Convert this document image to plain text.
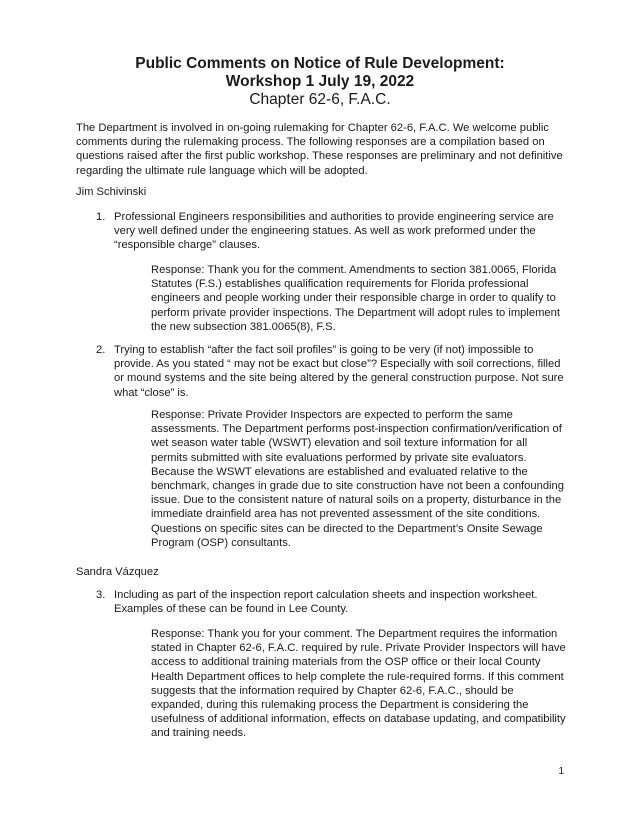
Public Comments on Notice of Rule Development:
Workshop 1 July 19, 2022
Chapter 62-6, F.A.C.

The Department is involved in on-going rulemaking for Chapter 62-6, F.A.C. We welcome public comments during the rulemaking process. The following responses are a compilation based on questions raised after the first public workshop. These responses are preliminary and not definitive regarding the ultimate rule language which will be adopted.

Jim Schivinski

1. Professional Engineers responsibilities and authorities to provide engineering service are very well defined under the engineering statues. As well as work preformed under the “responsible charge” clauses.

Response: Thank you for the comment. Amendments to section 381.0065, Florida Statutes (F.S.) establishes qualification requirements for Florida professional engineers and people working under their responsible charge in order to qualify to perform private provider inspections. The Department will adopt rules to implement the new subsection 381.0065(8), F.S.

2. Trying to establish “after the fact soil profiles” is going to be very (if not) impossible to provide. As you stated “ may not be exact but close”? Especially with soil corrections, filled or mound systems and the site being altered by the general construction purpose. Not sure what “close” is.

Response: Private Provider Inspectors are expected to perform the same assessments. The Department performs post-inspection confirmation/verification of wet season water table (WSWT) elevation and soil texture information for all permits submitted with site evaluations performed by private site evaluators. Because the WSWT elevations are established and evaluated relative to the benchmark, changes in grade due to site construction have not been a confounding issue. Due to the consistent nature of natural soils on a property, disturbance in the immediate drainfield area has not prevented assessment of the site conditions. Questions on specific sites can be directed to the Department’s Onsite Sewage Program (OSP) consultants.

Sandra Vázquez

3. Including as part of the inspection report calculation sheets and inspection worksheet. Examples of these can be found in Lee County.

Response: Thank you for your comment. The Department requires the information stated in Chapter 62-6, F.A.C. required by rule. Private Provider Inspectors will have access to additional training materials from the OSP office or their local County Health Department offices to help complete the rule-required forms. If this comment suggests that the information required by Chapter 62-6, F.A.C., should be expanded, during this rulemaking process the Department is considering the usefulness of additional information, effects on database updating, and compatibility and training needs.

1
